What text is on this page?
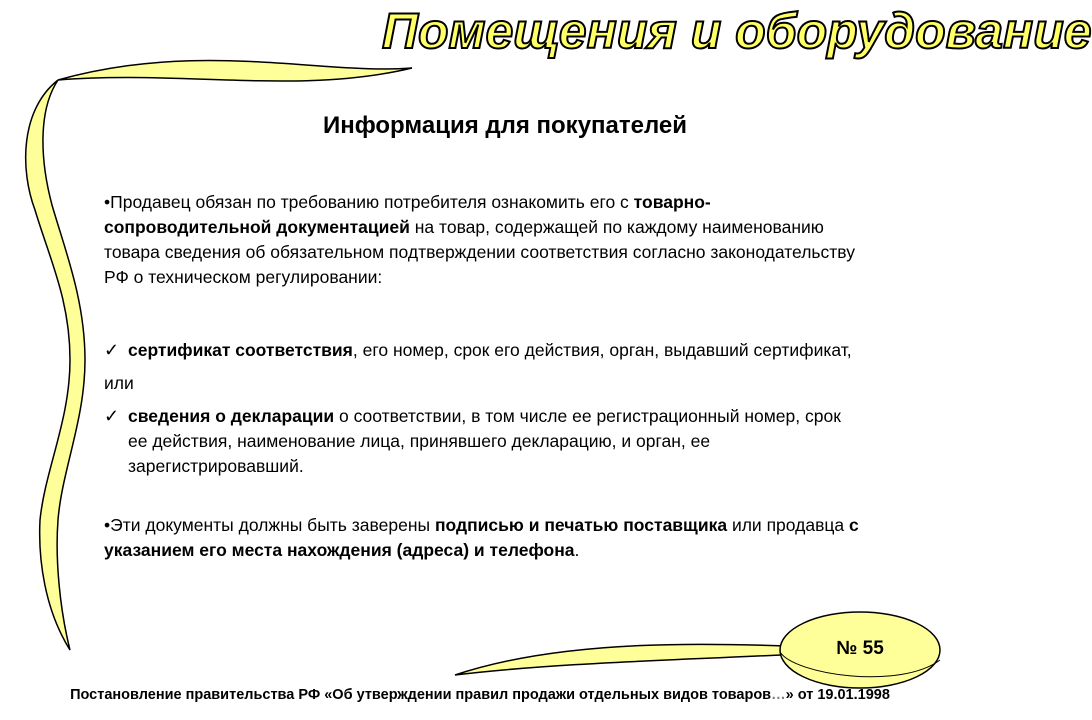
Помещения и оборудование
Информация для покупателей

•Продавец обязан по требованию потребителя ознакомить его с товарно-сопроводительной документацией на товар, содержащей по каждому наименованию товара сведения об обязательном подтверждении соответствия согласно законодательству РФ о техническом регулировании:

✓ сертификат соответствия, его номер, срок его действия, орган, выдавший сертификат,
или
✓ сведения о декларации о соответствии, в том числе ее регистрационный номер, срок ее действия, наименование лица, принявшего декларацию, и орган, ее зарегистрировавший.

•Эти документы должны быть заверены подписью и печатью поставщика или продавца с указанием его места нахождения (адреса) и телефона.

№ 55
Постановление правительства РФ «Об утверждении правил продажи отдельных видов товаров…» от 19.01.1998
